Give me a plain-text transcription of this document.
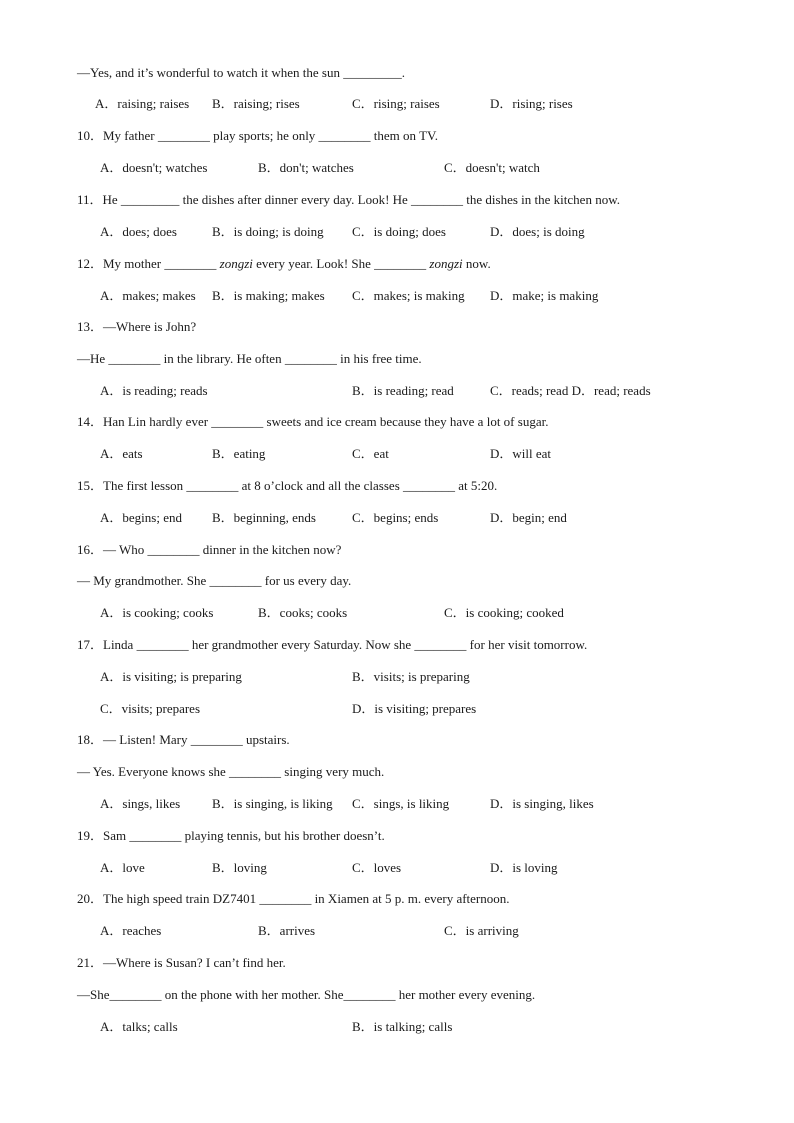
—Yes, and it’s wonderful to watch it when the sun _________.
A．raising; raises B．raising; rises	C．rising; raises	D．rising; rises
10．My father ________ play sports; he only ________ them on TV.
A．doesn't; watches	B．don't; watches	C．doesn't; watch
11．He _________ the dishes after dinner every day. Look! He ________ the dishes in the kitchen now.
A．does; does	B．is doing; is doing C．is doing; does	D．does; is doing
12．My mother ________ zongzi every year. Look! She ________ zongzi now.
A．makes; makes B．is making; makes C．makes; is making D．make; is making
13．—Where is John?
—He ________ in the library. He often ________ in his free time.
A．is reading; reads	B．is reading; read	C．reads; read D．read; reads
14．Han Lin hardly ever ________ sweets and ice cream because they have a lot of sugar.
A．eats	B．eating	C．eat	D．will eat
15．The first lesson ________ at 8 o’clock and all the classes ________ at 5:20.
A．begins; end B．beginning, ends	C．begins; ends	D．begin; end
16．— Who ________ dinner in the kitchen now?
— My grandmother. She ________ for us every day.
A．is cooking; cooks	B．cooks; cooks	C．is cooking; cooked
17．Linda ________ her grandmother every Saturday. Now she ________ for her visit tomorrow.
A．is visiting; is preparing	B．visits; is preparing
C．visits; prepares	D．is visiting; prepares
18．— Listen! Mary ________ upstairs.
— Yes. Everyone knows she ________ singing very much.
A．sings, likes B．is singing, is liking C．sings, is liking	D．is singing, likes
19．Sam ________ playing tennis, but his brother doesn’t.
A．love	B．loving	C．loves	D．is loving
20．The high speed train DZ7401 ________ in Xiamen at 5 p. m. every afternoon.
A．reaches	B．arrives	C．is arriving
21．—Where is Susan? I can’t find her.
—She________ on the phone with her mother. She________ her mother every evening.
A．talks; calls	B．is talking; calls
